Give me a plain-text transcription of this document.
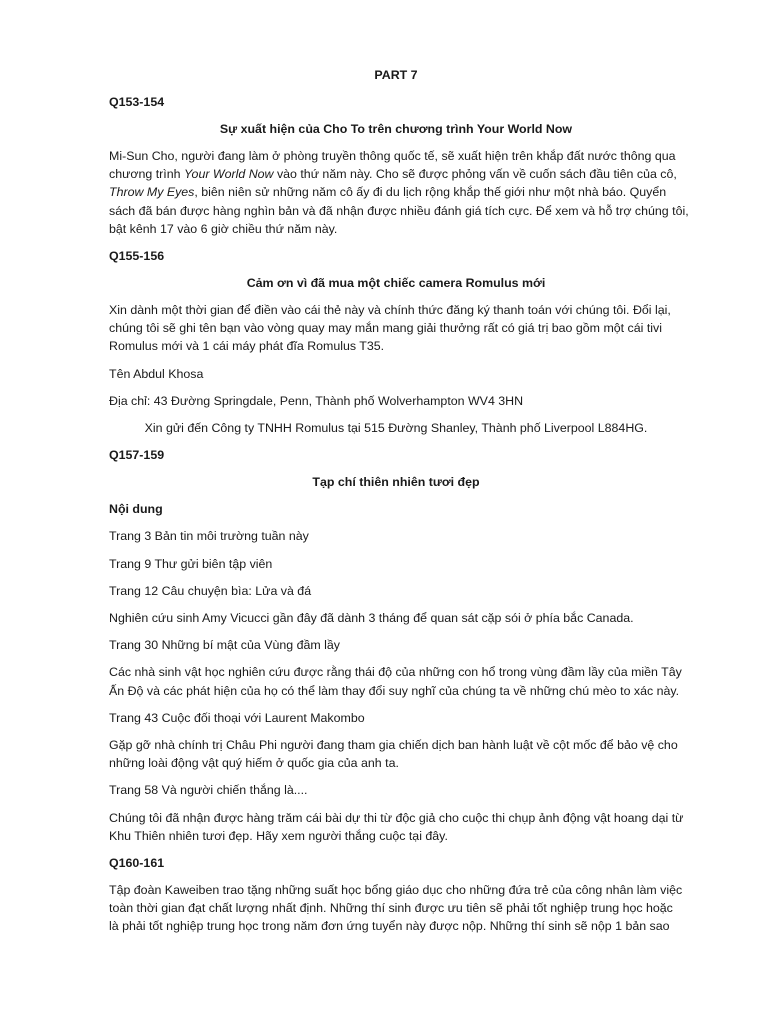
PART 7
Q153-154
Sự xuất hiện của Cho To trên chương trình Your World Now
Mi-Sun Cho, người đang làm ở phòng truyền thông quốc tế, sẽ xuất hiện trên khắp đất nước thông qua
chương trình Your World Now vào thứ năm này. Cho sẽ được phỏng vấn về cuốn sách đầu tiên của cô,
Throw My Eyes, biên niên sử những năm cô ấy đi du lịch rộng khắp thế giới như một nhà báo. Quyển
sách đã bán được hàng nghìn bản và đã nhận được nhiều đánh giá tích cực. Để xem và hỗ trợ chúng tôi,
bật kênh 17 vào 6 giờ chiều thứ năm này.
Q155-156
Cảm ơn vì đã mua một chiếc camera Romulus mới
Xin dành một thời gian để điền vào cái thẻ này và chính thức đăng ký thanh toán với chúng tôi. Đổi lại,
chúng tôi sẽ ghi tên bạn vào vòng quay may mắn mang giải thưởng rất có giá trị bao gồm một cái tivi
Romulus mới và 1 cái máy phát đĩa Romulus T35.
Tên Abdul Khosa
Địa chỉ: 43 Đường Springdale, Penn, Thành phố Wolverhampton WV4 3HN
Xin gửi đến Công ty TNHH Romulus tại 515 Đường Shanley, Thành phố Liverpool L884HG.
Q157-159
Tạp chí thiên nhiên tươi đẹp
Nội dung
Trang 3 Bản tin môi trường tuần này
Trang 9 Thư gửi biên tập viên
Trang 12 Câu chuyện bìa: Lửa và đá
Nghiên cứu sinh Amy Vicucci gần đây đã dành 3 tháng để quan sát cặp sói ở phía bắc Canada.
Trang 30 Những bí mật của Vùng đầm lầy
Các nhà sinh vật học nghiên cứu được rằng thái độ của những con hổ trong vùng đầm lầy của miền Tây
Ấn Độ và các phát hiện của họ có thể làm thay đổi suy nghĩ của chúng ta về những chú mèo to xác này.
Trang 43 Cuộc đối thoại với Laurent Makombo
Gặp gỡ nhà chính trị Châu Phi người đang tham gia chiến dịch ban hành luật về cột mốc để bảo vệ cho
những loài động vật quý hiếm ở quốc gia của anh ta.
Trang 58 Và người chiến thắng là....
Chúng tôi đã nhận được hàng trăm cái bài dự thi từ độc giả cho cuộc thi chụp ảnh động vật hoang dại từ
Khu Thiên nhiên tươi đẹp. Hãy xem người thắng cuộc tại đây.
Q160-161
Tập đoàn Kaweiben trao tặng những suất học bổng giáo dục cho những đứa trẻ của công nhân làm việc
toàn thời gian đạt chất lượng nhất định. Những thí sinh được ưu tiên sẽ phải tốt nghiệp trung học hoặc
là phải tốt nghiệp trung học trong năm đơn ứng tuyển này được nộp. Những thí sinh sẽ nộp 1 bản sao
